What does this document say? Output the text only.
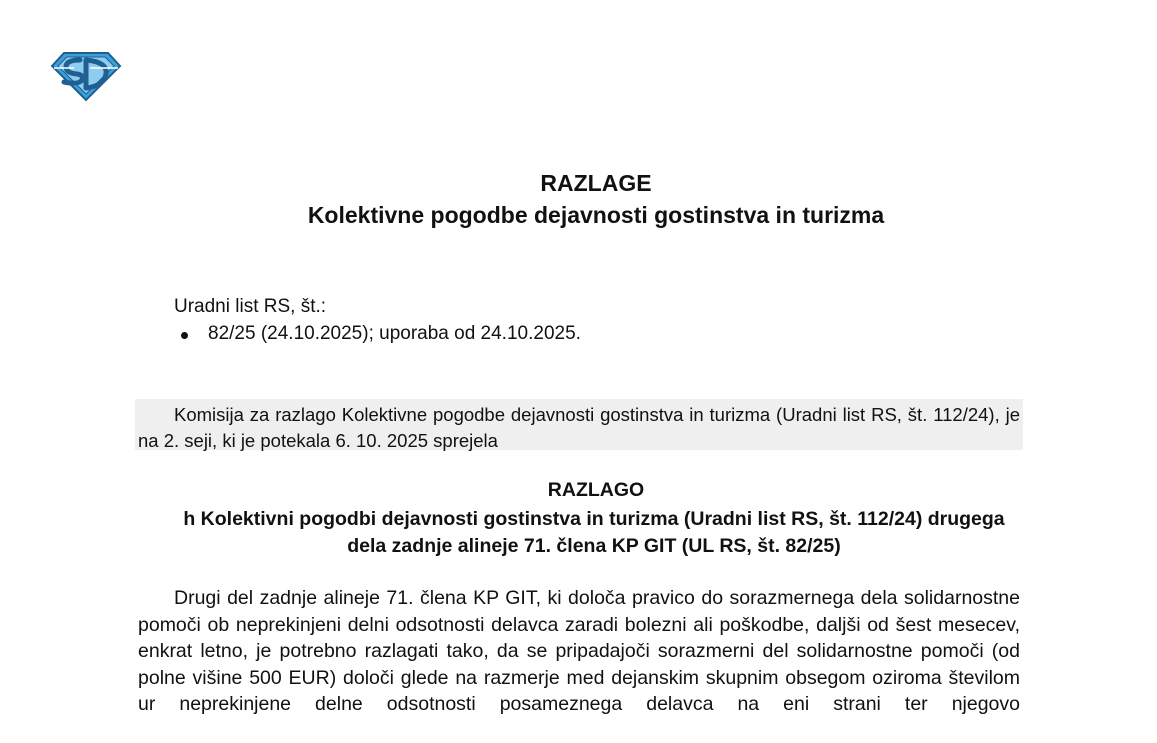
RAZLAGE
Kolektivne pogodbe dejavnosti gostinstva in turizma
Uradni list RS, št.:
82/25 (24.10.2025); uporaba od 24.10.2025.
Komisija za razlago Kolektivne pogodbe dejavnosti gostinstva in turizma (Uradni list RS, št. 112/24), je na 2. seji, ki je potekala 6. 10. 2025 sprejela
RAZLAGO
h Kolektivni pogodbi dejavnosti gostinstva in turizma (Uradni list RS, št. 112/24) drugega dela zadnje alineje 71. člena KP GIT (UL RS, št. 82/25)
Drugi del zadnje alineje 71. člena KP GIT, ki določa pravico do sorazmernega dela solidarnostne pomoči ob neprekinjeni delni odsotnosti delavca zaradi bolezni ali poškodbe, daljši od šest mesecev, enkrat letno, je potrebno razlagati tako, da se pripadajoči sorazmerni del solidarnostne pomoči (od polne višine 500 EUR) določi glede na razmerje med dejanskim skupnim obsegom oziroma številom ur neprekinjene delne odsotnosti posameznega delavca na eni strani ter njegovo
